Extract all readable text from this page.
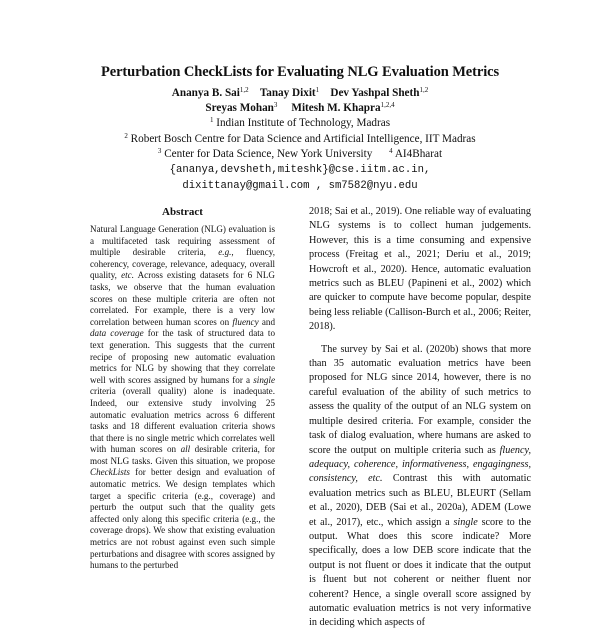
Perturbation CheckLists for Evaluating NLG Evaluation Metrics
Ananya B. Sai$^{1,2}$ Tanay Dixit$^1$ Dev Yashpal Sheth$^{1,2}$
Sreyas Mohan$^3$ Mitesh M. Khapra$^{1,2,4}$
$^1$ Indian Institute of Technology, Madras
$^2$ Robert Bosch Centre for Data Science and Artificial Intelligence, IIT Madras
$^3$ Center for Data Science, New York University $^4$ AI4Bharat
{ananya,devsheth,miteshk}@cse.iitm.ac.in,
dixittanay@gmail.com , sm7582@nyu.edu
Abstract
Natural Language Generation (NLG) evaluation is a multifaceted task requiring assessment of multiple desirable criteria, e.g., fluency, coherency, coverage, relevance, adequacy, overall quality, etc. Across existing datasets for 6 NLG tasks, we observe that the human evaluation scores on these multiple criteria are often not correlated. For example, there is a very low correlation between human scores on fluency and data coverage for the task of structured data to text generation. This suggests that the current recipe of proposing new automatic evaluation metrics for NLG by showing that they correlate well with scores assigned by humans for a single criteria (overall quality) alone is inadequate. Indeed, our extensive study involving 25 automatic evaluation metrics across 6 different tasks and 18 different evaluation criteria shows that there is no single metric which correlates well with human scores on all desirable criteria, for most NLG tasks. Given this situation, we propose CheckLists for better design and evaluation of automatic metrics. We design templates which target a specific criteria (e.g., coverage) and perturb the output such that the quality gets affected only along this specific criteria (e.g., the coverage drops). We show that existing evaluation metrics are not robust against even such simple perturbations and disagree with scores assigned by humans to the perturbed

2018; Sai et al., 2019). One reliable way of evaluating NLG systems is to collect human judgements. However, this is a time consuming and expensive process (Freitag et al., 2021; Deriu et al., 2019; Howcroft et al., 2020). Hence, automatic evaluation metrics such as BLEU (Papineni et al., 2002) which are quicker to compute have become popular, despite being less reliable (Callison-Burch et al., 2006; Reiter, 2018).

The survey by Sai et al. (2020b) shows that more than 35 automatic evaluation metrics have been proposed for NLG since 2014, however, there is no careful evaluation of the ability of such metrics to assess the quality of the output of an NLG system on multiple desired criteria. For example, consider the task of dialog evaluation, where humans are asked to score the output on multiple criteria such as fluency, adequacy, coherence, informativeness, engagingness, consistency, etc. Contrast this with automatic evaluation metrics such as BLEU, BLEURT (Sellam et al., 2020), DEB (Sai et al., 2020a), ADEM (Lowe et al., 2017), etc., which assign a single score to the output. What does this score indicate? More specifically, does a low DEB score indicate that the output is not fluent or does it indicate that the output is fluent but not coherent or neither fluent nor coherent? Hence, a single overall score assigned by automatic evaluation metrics is not very informative in deciding which aspects of
